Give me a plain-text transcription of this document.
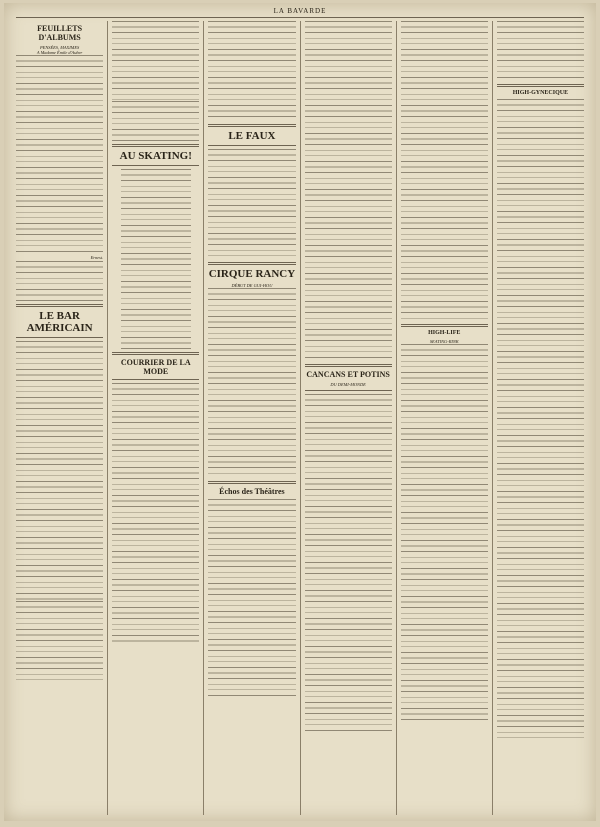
LA BAVARDE
FEUILLETS D'ALBUMS
PENSÉES, MAXIMES
A Madame Émile d'Auber
Ernest.
LE BAR AMÉRICAIN
AU SKATING!
COURRIER DE LA MODE
LE FAUX
CIRQUE RANCY
DÉBUT DE GUI-HOU
Échos des Théâtres
CANCANS ET POTINS
DU DEMI-MONDE
HIGH-LIFE
SEATING-RINK
HIGH-GYNECIQUE
